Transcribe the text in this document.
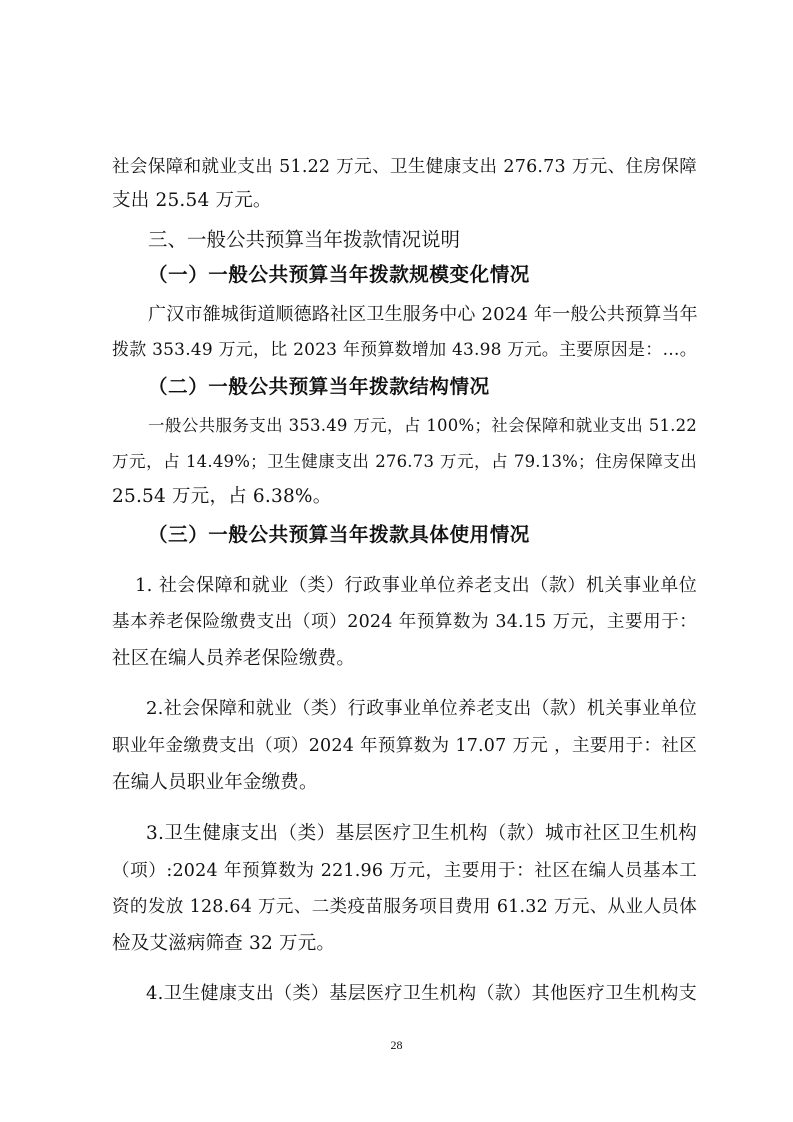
社会保障和就业支出 51.22 万元、卫生健康支出 276.73 万元、住房保障
支出 25.54 万元。
三、一般公共预算当年拨款情况说明
（一）一般公共预算当年拨款规模变化情况
广汉市雒城街道顺德路社区卫生服务中心 2024 年一般公共预算当年
拨款 353.49 万元，比 2023 年预算数增加 43.98 万元。主要原因是：…。
（二）一般公共预算当年拨款结构情况
一般公共服务支出 353.49 万元，占 100%；社会保障和就业支出 51.22
万元，占 14.49%；卫生健康支出 276.73 万元，占 79.13%；住房保障支出
25.54 万元，占 6.38%。
（三）一般公共预算当年拨款具体使用情况
1. 社会保障和就业（类）行政事业单位养老支出（款）机关事业单位
基本养老保险缴费支出（项）2024 年预算数为 34.15 万元，主要用于：
社区在编人员养老保险缴费。
2.社会保障和就业（类）行政事业单位养老支出（款）机关事业单位
职业年金缴费支出（项）2024 年预算数为 17.07 万元 ，主要用于：社区
在编人员职业年金缴费。
3.卫生健康支出（类）基层医疗卫生机构（款）城市社区卫生机构
（项）:2024 年预算数为 221.96 万元，主要用于：社区在编人员基本工
资的发放 128.64 万元、二类疫苗服务项目费用 61.32 万元、从业人员体
检及艾滋病筛查 32 万元。
4.卫生健康支出（类）基层医疗卫生机构（款）其他医疗卫生机构支
28
